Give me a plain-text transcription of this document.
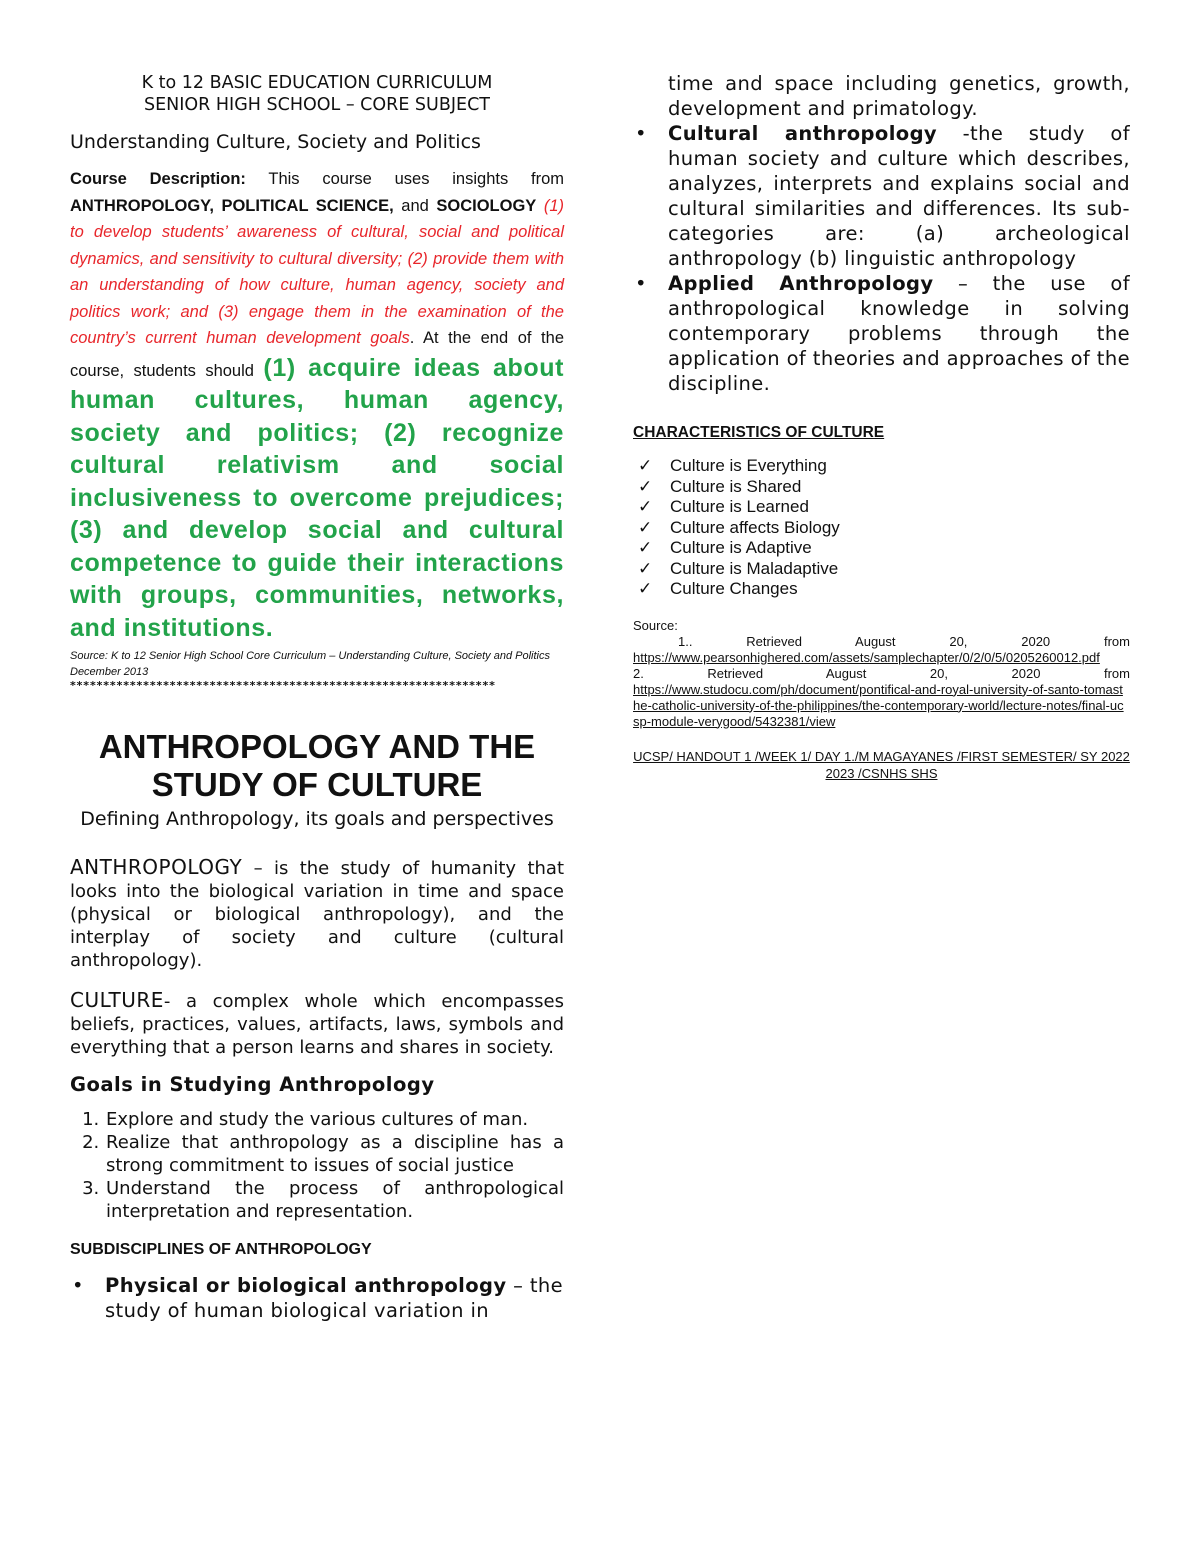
K to 12 BASIC EDUCATION CURRICULUM
SENIOR HIGH SCHOOL – CORE SUBJECT
Understanding Culture, Society and Politics
Course Description: This course uses insights from ANTHROPOLOGY, POLITICAL SCIENCE, and SOCIOLOGY (1) to develop students’ awareness of cultural, social and political dynamics, and sensitivity to cultural diversity; (2) provide them with an understanding of how culture, human agency, society and politics work; and (3) engage them in the examination of the country’s current human development goals. At the end of the course, students should (1) acquire ideas about human cultures, human agency, society and politics; (2) recognize cultural relativism and social inclusiveness to overcome prejudices; (3) and develop social and cultural competence to guide their interactions with groups, communities, networks, and institutions.
Source: K to 12 Senior High School Core Curriculum – Understanding Culture, Society and Politics December 2013
****************************************************************
ANTHROPOLOGY AND THE STUDY OF CULTURE
Defining Anthropology, its goals and perspectives

ANTHROPOLOGY – is the study of humanity that looks into the biological variation in time and space (physical or biological anthropology), and the interplay of society and culture (cultural anthropology).

CULTURE- a complex whole which encompasses beliefs, practices, values, artifacts, laws, symbols and everything that a person learns and shares in society.

Goals in Studying Anthropology
1. Explore and study the various cultures of man.
2. Realize that anthropology as a discipline has a strong commitment to issues of social justice
3. Understand the process of anthropological interpretation and representation.
SUBDISCIPLINES OF ANTHROPOLOGY
• Physical or biological anthropology – the study of human biological variation in
time and space including genetics, growth, development and primatology.
• Cultural anthropology -the study of human society and culture which describes, analyzes, interprets and explains social and cultural similarities and differences. Its sub-categories are: (a) archeological anthropology (b) linguistic anthropology
• Applied Anthropology – the use of anthropological knowledge in solving contemporary problems through the application of theories and approaches of the discipline.
CHARACTERISTICS OF CULTURE
✓ Culture is Everything
✓ Culture is Shared
✓ Culture is Learned
✓ Culture affects Biology
✓ Culture is Adaptive
✓ Culture is Maladaptive
✓ Culture Changes
Source:
1..	Retrieved August 20, 2020 from
https://www.pearsonhighered.com/assets/samplechapter/0/2/0/5/0205260012.pdf
2.	Retrieved August 20, 2020 from
https://www.studocu.com/ph/document/pontifical-and-royal-university-of-santo-tomasthe-catholic-university-of-the-philippines/the-contemporary-world/lecture-notes/final-ucsp-module-verygood/5432381/view
UCSP/ HANDOUT 1 /WEEK 1/ DAY 1./M MAGAYANES /FIRST SEMESTER/ SY 2022 2023 /CSNHS SHS
